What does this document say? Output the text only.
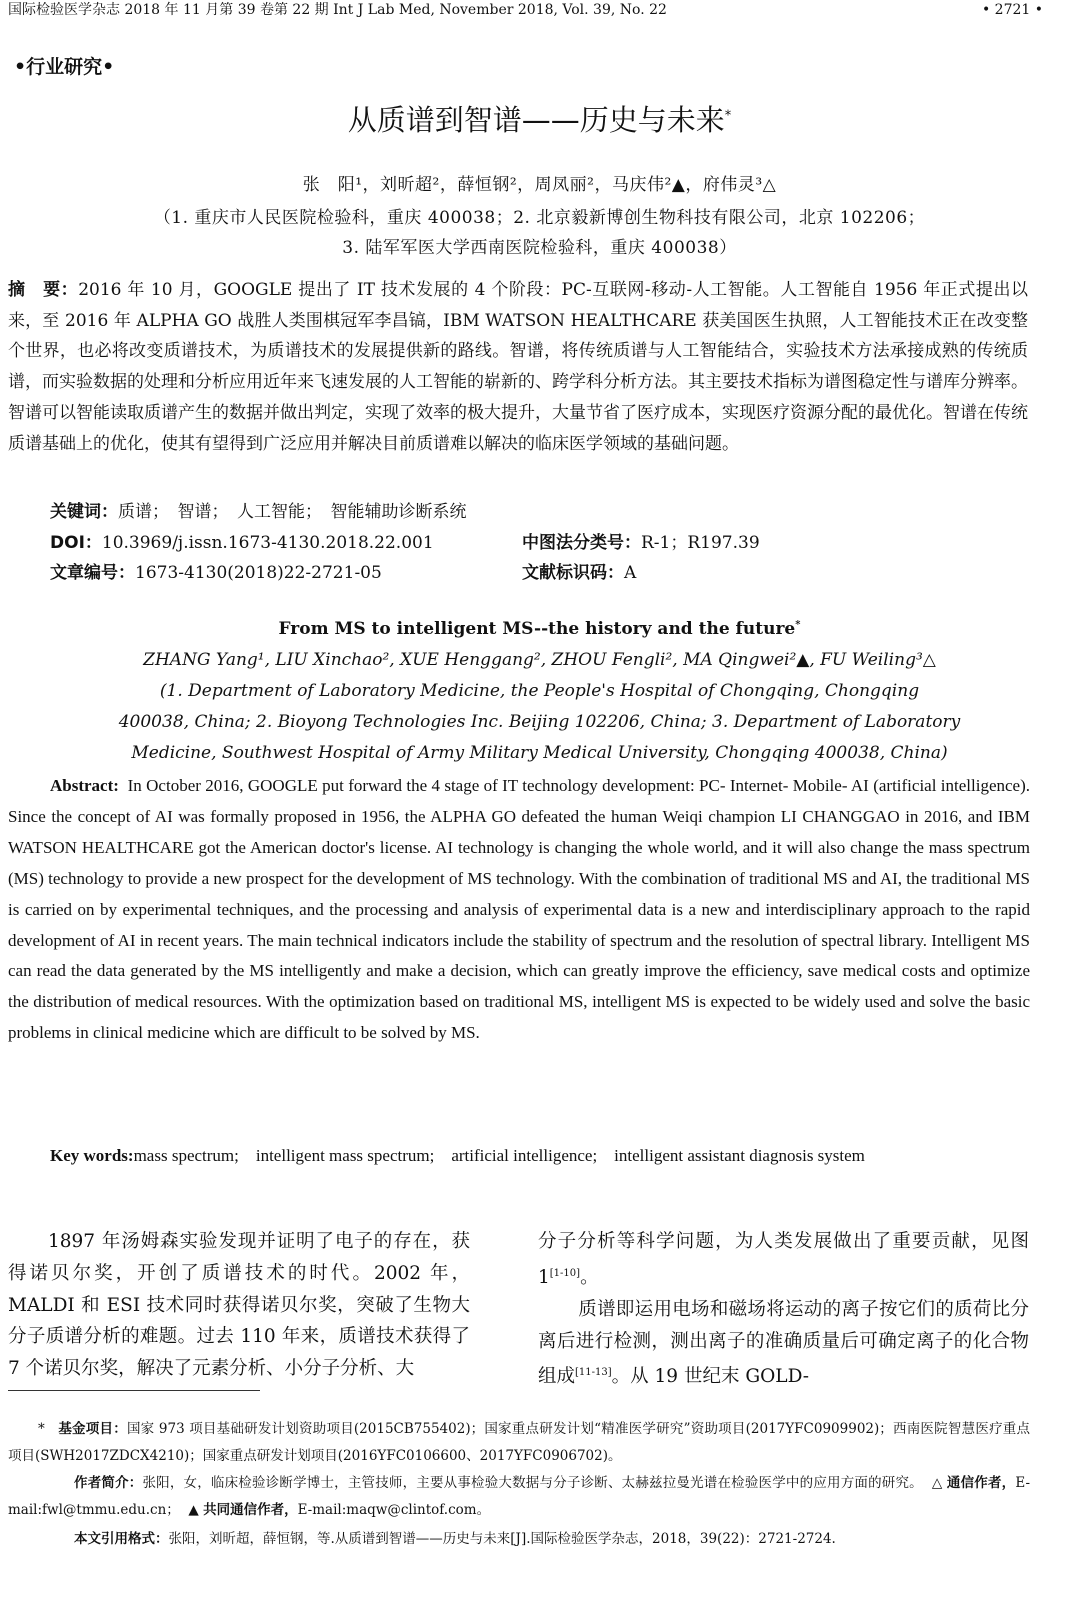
国际检验医学杂志 2018 年 11 月第 39 卷第 22 期 Int J Lab Med, November 2018, Vol. 39, No. 22	• 2721 •
•行业研究•
从质谱到智谱——历史与未来*
张　阳¹，刘昕超²，薛恒钢²，周凤丽²，马庆伟²▲，府伟灵³△
（1. 重庆市人民医院检验科，重庆 400038；2. 北京毅新博创生物科技有限公司，北京 102206；
3. 陆军军医大学西南医院检验科，重庆 400038）
摘　要：2016 年 10 月，GOOGLE 提出了 IT 技术发展的 4 个阶段：PC-互联网-移动-人工智能。人工智能自 1956 年正式提出以来，至 2016 年 ALPHA GO 战胜人类围棋冠军李昌镐，IBM WATSON HEALTHCARE 获美国医生执照，人工智能技术正在改变整个世界，也必将改变质谱技术，为质谱技术的发展提供新的路线。智谱，将传统质谱与人工智能结合，实验技术方法承接成熟的传统质谱，而实验数据的处理和分析应用近年来飞速发展的人工智能的崭新的、跨学科分析方法。其主要技术指标为谱图稳定性与谱库分辨率。智谱可以智能读取质谱产生的数据并做出判定，实现了效率的极大提升，大量节省了医疗成本，实现医疗资源分配的最优化。智谱在传统质谱基础上的优化，使其有望得到广泛应用并解决目前质谱难以解决的临床医学领域的基础问题。
关键词：质谱；　智谱；　人工智能；　智能辅助诊断系统
DOI：10.3969/j.issn.1673-4130.2018.22.001	中图法分类号：R-1；R197.39
文章编号：1673-4130(2018)22-2721-05	文献标识码：A
From MS to intelligent MS--the history and the future*
ZHANG Yang¹, LIU Xinchao², XUE Henggang², ZHOU Fengli², MA Qingwei²▲, FU Weiling³△
(1. Department of Laboratory Medicine, the People's Hospital of Chongqing, Chongqing
400038, China; 2. Bioyong Technologies Inc. Beijing 102206, China; 3. Department of Laboratory
Medicine, Southwest Hospital of Army Military Medical University, Chongqing 400038, China)
Abstract: In October 2016, GOOGLE put forward the 4 stage of IT technology development: PC- Internet- Mobile- AI (artificial intelligence). Since the concept of AI was formally proposed in 1956, the ALPHA GO defeated the human Weiqi champion LI CHANGGAO in 2016, and IBM WATSON HEALTHCARE got the American doctor's license. AI technology is changing the whole world, and it will also change the mass spectrum (MS) technology to provide a new prospect for the development of MS technology. With the combination of traditional MS and AI, the traditional MS is carried on by experimental techniques, and the processing and analysis of experimental data is a new and interdisciplinary approach to the rapid development of AI in recent years. The main technical indicators include the stability of spectrum and the resolution of spectral library. Intelligent MS can read the data generated by the MS intelligently and make a decision, which can greatly improve the efficiency, save medical costs and optimize the distribution of medical resources. With the optimization based on traditional MS, intelligent MS is expected to be widely used and solve the basic problems in clinical medicine which are difficult to be solved by MS.
Key words:mass spectrum;　intelligent mass spectrum;　artificial intelligence;　intelligent assistant diagnosis system
1897 年汤姆森实验发现并证明了电子的存在，获得诺贝尔奖，开创了质谱技术的时代。2002 年，MALDI 和 ESI 技术同时获得诺贝尔奖，突破了生物大分子质谱分析的难题。过去 110 年来，质谱技术获得了 7 个诺贝尔奖，解决了元素分析、小分子分析、大
分子分析等科学问题，为人类发展做出了重要贡献，见图 1[1-10]。
质谱即运用电场和磁场将运动的离子按它们的质荷比分离后进行检测，测出离子的准确质量后可确定离子的化合物组成[11-13]。从 19 世纪末 GOLD-
* 基金项目：国家 973 项目基础研发计划资助项目(2015CB755402)；国家重点研发计划“精准医学研究”资助项目(2017YFC0909902)；西南医院智慧医疗重点项目(SWH2017ZDCX4210)；国家重点研发计划项目(2016YFC0106600、2017YFC0906702)。
作者简介：张阳，女，临床检验诊断学博士，主管技师，主要从事检验大数据与分子诊断、太赫兹拉曼光谱在检验医学中的应用方面的研究。 △ 通信作者，E-mail:fwl@tmmu.edu.cn； ▲ 共同通信作者，E-mail:maqw@clintof.com。
本文引用格式：张阳，刘昕超，薛恒钢，等.从质谱到智谱——历史与未来[J].国际检验医学杂志，2018，39(22)：2721-2724.
